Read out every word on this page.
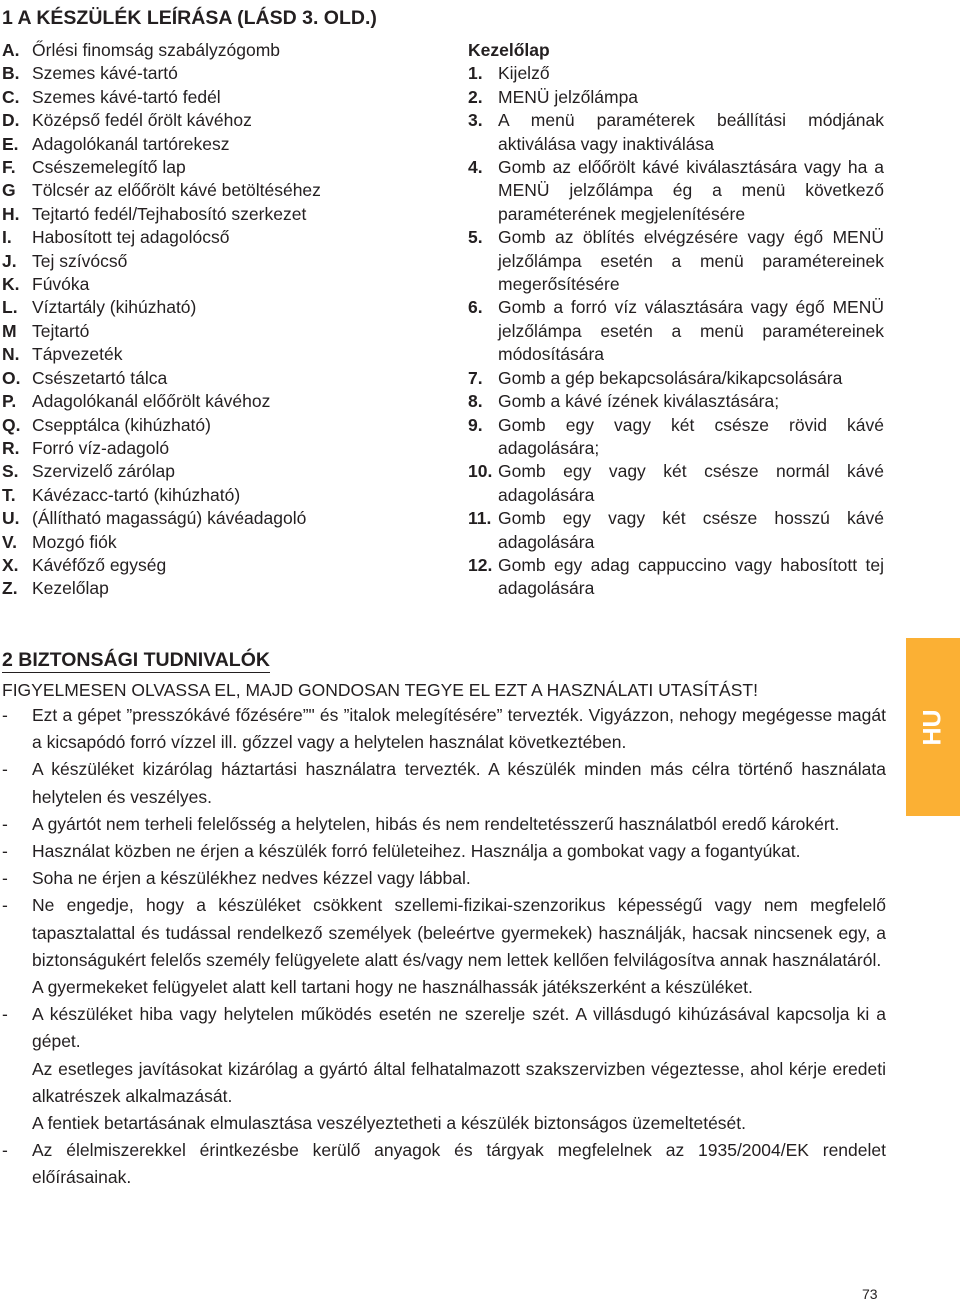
1 A KÉSZÜLÉK LEÍRÁSA (LÁSD 3. OLD.)
A. Őrlési finomság szabályzógomb
B. Szemes kávé-tartó
C. Szemes kávé-tartó fedél
D. Középső fedél őrölt kávéhoz
E. Adagolókanál tartórekesz
F. Csészemelegítő lap
G Tölcsér az előőrölt kávé betöltéséhez
H. Tejtartó fedél/Tejhabosító szerkezet
I.	Habosított tej adagolócső
J. Tej szívócső
K. Fúvóka
L. Víztartály (kihúzható)
M Tejtartó
N. Tápvezeték
O. Csészetartó tálca
P. Adagolókanál előőrölt kávéhoz
Q. Csepptálca (kihúzható)
R. Forró víz-adagoló
S. Szervizelő zárólap
T. Kávézacc-tartó (kihúzható)
U. (Állítható magasságú) kávéadagoló
V. Mozgó fiók
X. Kávéfőző egység
Z. Kezelőlap

Kezelőlap

1. Kijelző
2. MENÜ jelzőlámpa
3. A menü paraméterek beállítási módjának aktiválása vagy inaktiválása
4. Gomb az előőrölt kávé kiválasztására vagy ha a MENÜ jelzőlámpa ég a menü következő paraméterének megjelenítésére
5. Gomb az öblítés elvégzésére vagy égő MENÜ jelzőlámpa esetén a menü paramétereinek megerősítésére
6. Gomb a forró víz választására vagy égő MENÜ jelzőlámpa esetén a menü paramétereinek módosítására
7. Gomb a gép bekapcsolására/kikapcsolására
8. Gomb a kávé ízének kiválasztására;
9. Gomb egy vagy két csésze rövid kávé adagolására;
10. Gomb egy vagy két csésze normál kávé adagolására
11. Gomb egy vagy két csésze hosszú kávé adagolására
12. Gomb egy adag cappuccino vagy habosított tej adagolására
2 BIZTONSÁGI TUDNIVALÓK

FIGYELMESEN OLVASSA EL, MAJD GONDOSAN TEGYE EL EZT A HASZNÁLATI UTASÍTÁST!

- Ezt a gépet ”presszókávé főzésére”" és ”italok melegítésére” tervezték. Vigyázzon, nehogy megégesse magát a kicsapódó forró vízzel ill. gőzzel vagy a helytelen használat következtében.

- A készüléket kizárólag háztartási használatra tervezték. A készülék minden más célra történő használata helytelen és veszélyes.

- A gyártót nem terheli felelősség a helytelen, hibás és nem rendeltetésszerű használatból eredő károkért.

- Használat közben ne érjen a készülék forró felületeihez. Használja a gombokat vagy a fogantyúkat.

- Soha ne érjen a készülékhez nedves kézzel vagy lábbal.

- Ne engedje, hogy a készüléket csökkent szellemi-fizikai-szenzorikus képességű vagy nem megfelelő tapasztalattal és tudással rendelkező személyek (beleértve gyermekek) használják, hacsak nincsenek egy, a biztonságukért felelős személy felügyelete alatt és/vagy nem lettek kellően felvilágosítva annak használatáról.

A gyermekeket felügyelet alatt kell tartani hogy ne használhassák játékszerként a készüléket.

- A készüléket hiba vagy helytelen működés esetén ne szerelje szét. A villásdugó kihúzásával kapcsolja ki a gépet.

Az esetleges javításokat kizárólag a gyártó által felhatalmazott szakszervizben végeztesse, ahol kérje eredeti alkatrészek alkalmazását.

A fentiek betartásának elmulasztása veszélyeztetheti a készülék biztonságos üzemeltetését.

- Az élelmiszerekkel érintkezésbe kerülő anyagok és tárgyak megfelelnek az 1935/2004/EK rendelet előírásainak.

HU
73
